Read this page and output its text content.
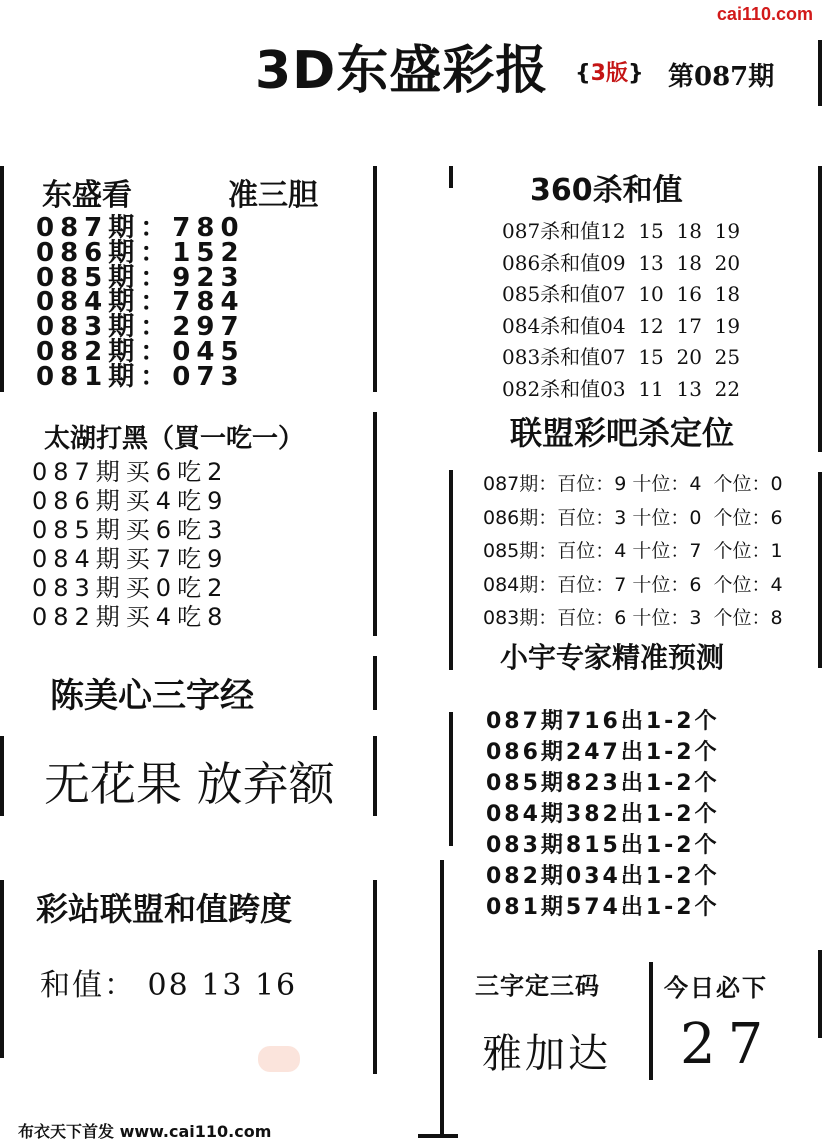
cai110.com
3D东盛彩报 {3版} 第087期
东盛看	准三胆
087期：780
086期：152
085期：923
084期：784
083期：297
082期：045
081期：073
太湖打黑（買一吃一）
087期买6吃2
086期买4吃9
085期买6吃3
084期买7吃9
083期买0吃2
082期买4吃8
陈美心三字经
无花果 放弃额
彩站联盟和值跨度
和值： 08 13 16
布衣天下首发 www.cai110.com
360杀和值
087杀和值12  15  18  19
086杀和值09  13  18  20
085杀和值07  10  16  18
084杀和值04  12  17  19
083杀和值07  15  20  25
082杀和值03  11  13  22
联盟彩吧杀定位
087期：百位：9 十位：4  个位：0
086期：百位：3 十位：0  个位：6
085期：百位：4 十位：7  个位：1
084期：百位：7 十位：6  个位：4
083期：百位：6 十位：3  个位：8
小宇专家精准预测
087期716出1-2个
086期247出1-2个
085期823出1-2个
084期382出1-2个
083期815出1-2个
082期034出1-2个
081期574出1-2个
三字定三码
雅加达
今日必下
27
